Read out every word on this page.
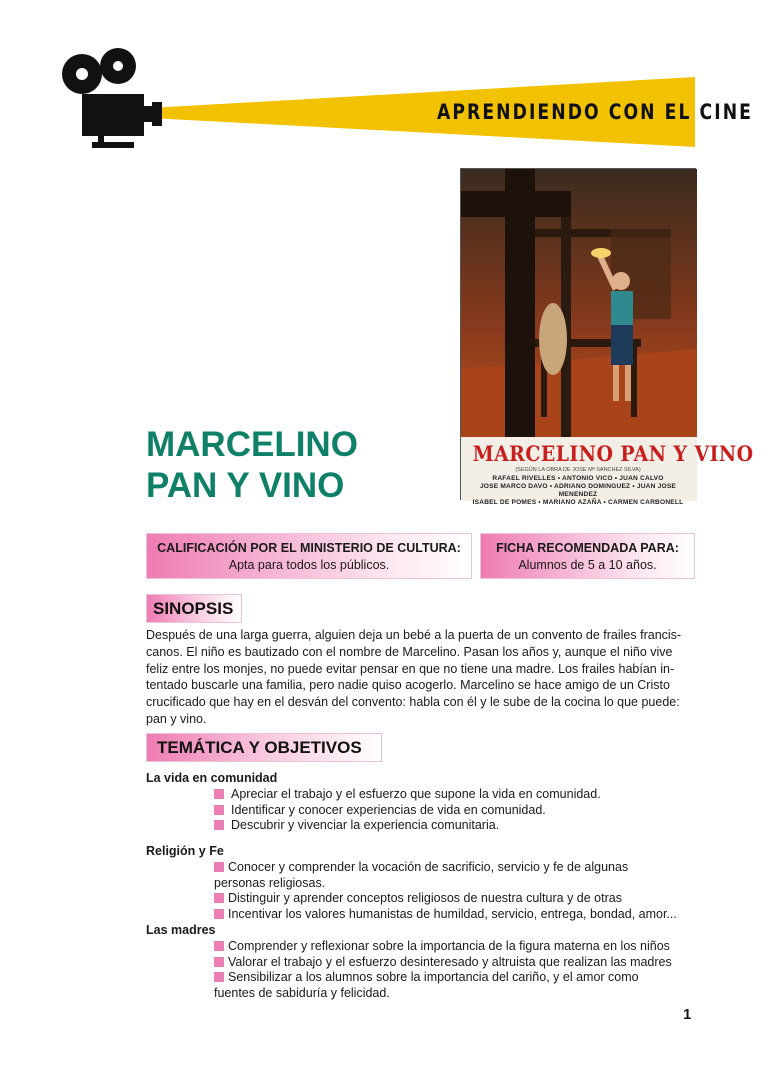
APRENDIENDO CON EL CINE
MARCELINO PAN Y VINO
(SEGÚN LA OBRA DE JOSE Mª SANCHEZ SILVA)
RAFAEL RIVELLES • ANTONIO VICO • JUAN CALVO
JOSE MARCO DAVO • ADRIANO DOMINGUEZ • JUAN JOSE MENENDEZ
ISABEL DE POMES • MARIANO AZAÑA • CARMEN CARBONELL
MARCELINO
PAN Y VINO
CALIFICACIÓN POR EL MINISTERIO DE CULTURA:
Apta para todos los públicos.
FICHA RECOMENDADA PARA:
Alumnos de 5 a 10 años.
SINOPSIS
Después de una larga guerra, alguien deja un bebé a la puerta de un convento de frailes francis-
canos. El niño es bautizado con el nombre de Marcelino. Pasan los años y, aunque el niño vive
feliz entre los monjes, no puede evitar pensar en que no tiene una madre. Los frailes habían in-
tentado buscarle una familia, pero nadie quiso acogerlo. Marcelino se hace amigo de un Cristo
crucificado que hay en el desván del convento: habla con él y le sube de la cocina lo que puede:
pan y vino.
TEMÁTICA Y OBJETIVOS
La vida en comunidad
Apreciar el trabajo y el esfuerzo que supone la vida en comunidad.
Identificar y conocer experiencias de vida en comunidad.
Descubrir y vivenciar la experiencia comunitaria.
Religión y Fe
Conocer y comprender la vocación de sacrificio, servicio y fe de algunas
personas religiosas.
Distinguir y aprender conceptos religiosos de nuestra cultura y de otras
Incentivar los valores humanistas de humildad, servicio, entrega, bondad, amor...
Las madres
Comprender y reflexionar sobre la importancia de la figura materna en los niños
Valorar el trabajo y el esfuerzo desinteresado y altruista que realizan las madres
Sensibilizar a los alumnos sobre la importancia del cariño, y el amor como
fuentes de sabiduría y felicidad.
1
